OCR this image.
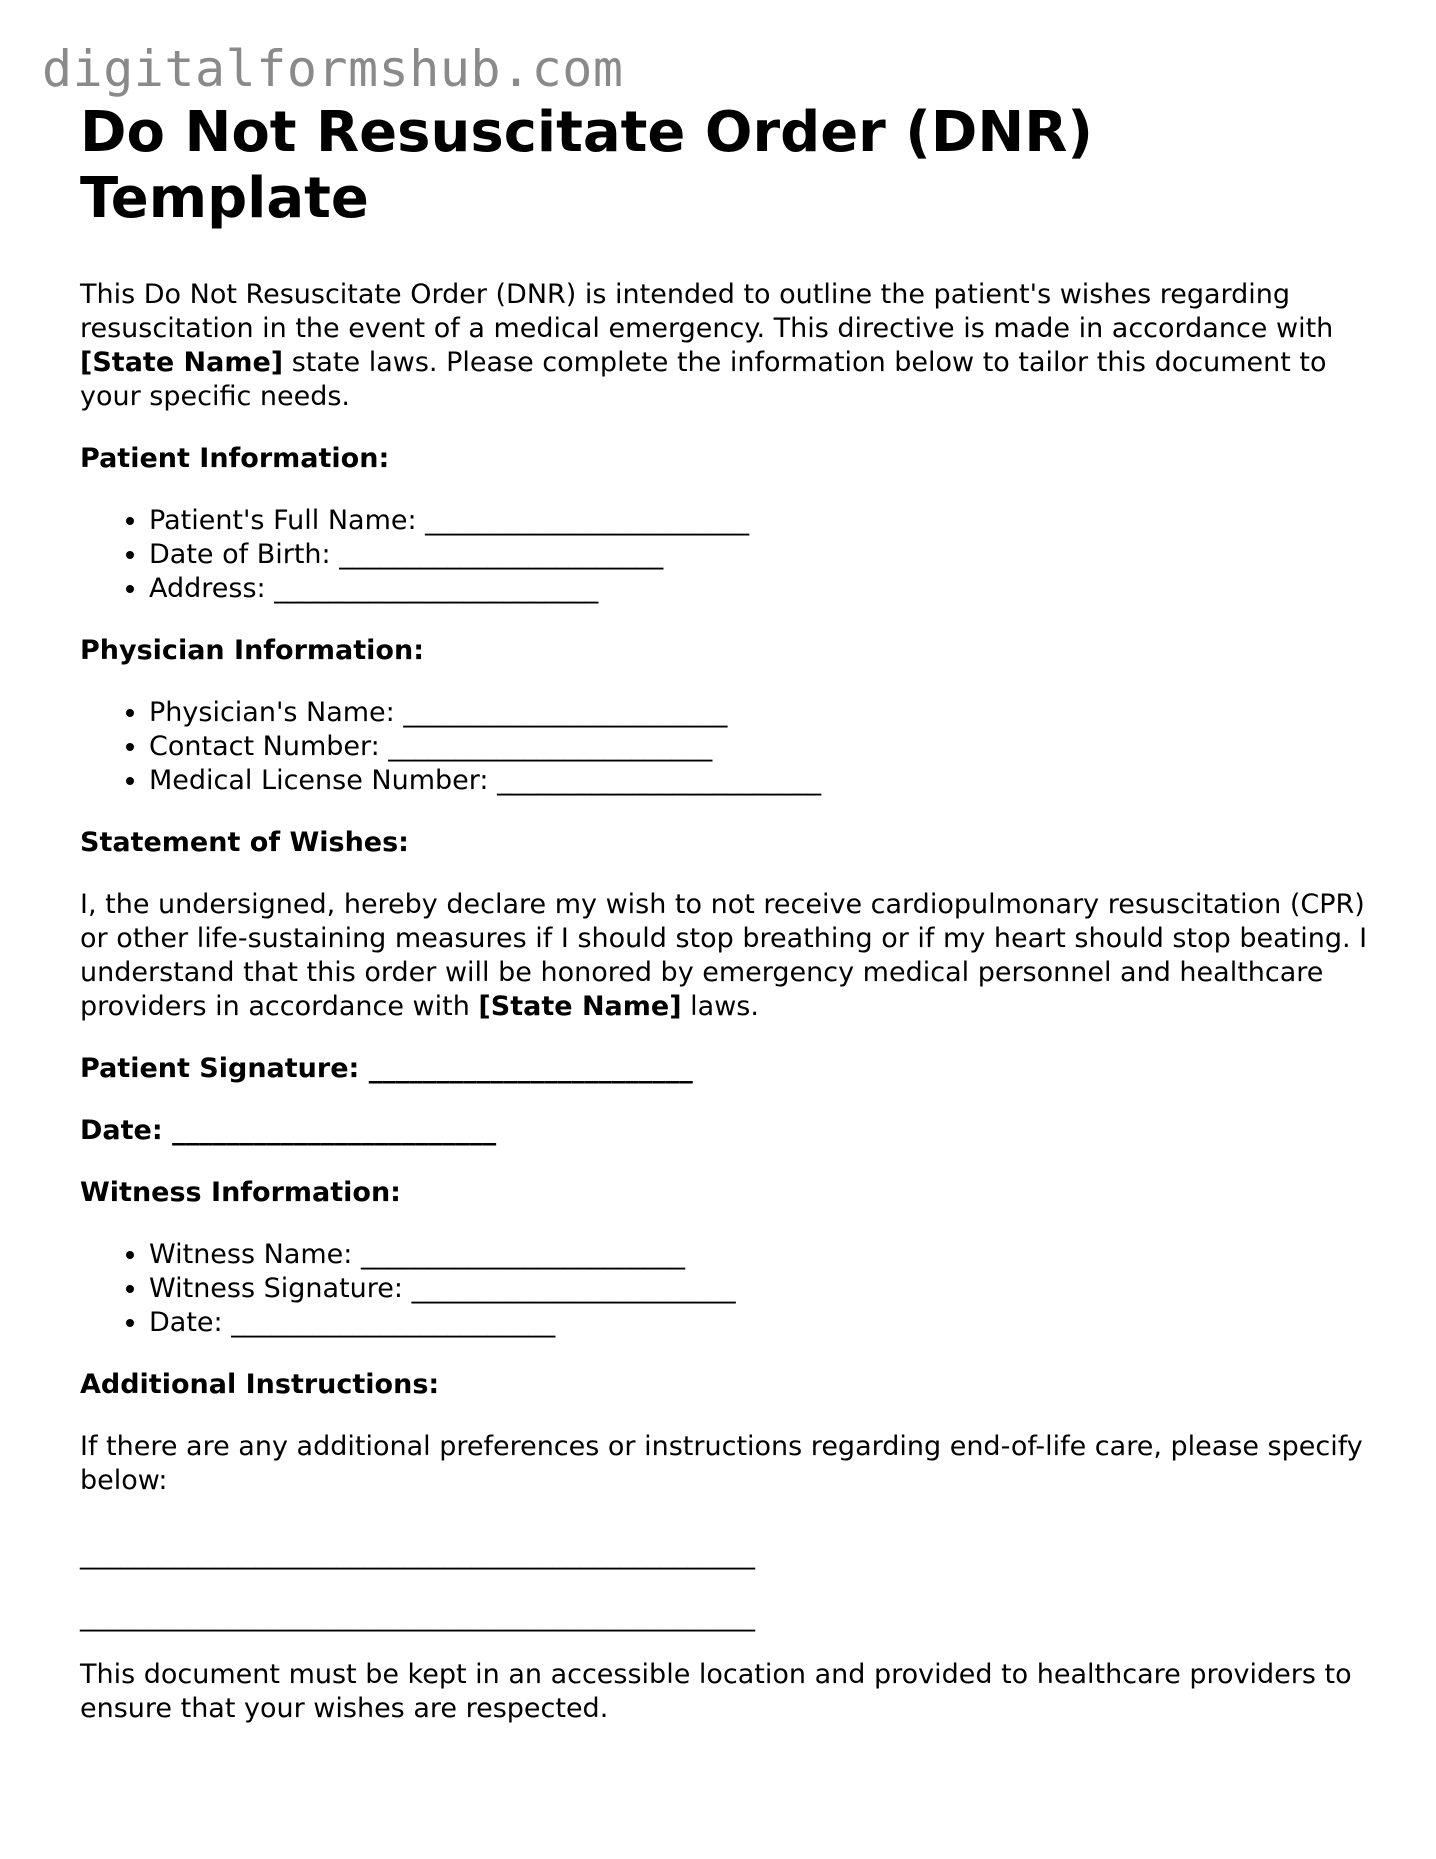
digitalformshub.com
Do Not Resuscitate Order (DNR) Template

This Do Not Resuscitate Order (DNR) is intended to outline the patient's wishes regarding resuscitation in the event of a medical emergency. This directive is made in accordance with [State Name] state laws. Please complete the information below to tailor this document to your specific needs.

Patient Information:
• Patient's Full Name: ________________________
• Date of Birth: ________________________
• Address: ________________________
Physician Information:
• Physician's Name: ________________________
• Contact Number: ________________________
• Medical License Number: ________________________
Statement of Wishes:

I, the undersigned, hereby declare my wish to not receive cardiopulmonary resuscitation (CPR) or other life-sustaining measures if I should stop breathing or if my heart should stop beating. I understand that this order will be honored by emergency medical personnel and healthcare providers in accordance with [State Name] laws.

Patient Signature: ________________________

Date: ________________________

Witness Information:
• Witness Name: ________________________
• Witness Signature: ________________________
• Date: ________________________
Additional Instructions:

If there are any additional preferences or instructions regarding end-of-life care, please specify below:

__________________________________________________

__________________________________________________

This document must be kept in an accessible location and provided to healthcare providers to ensure that your wishes are respected.
